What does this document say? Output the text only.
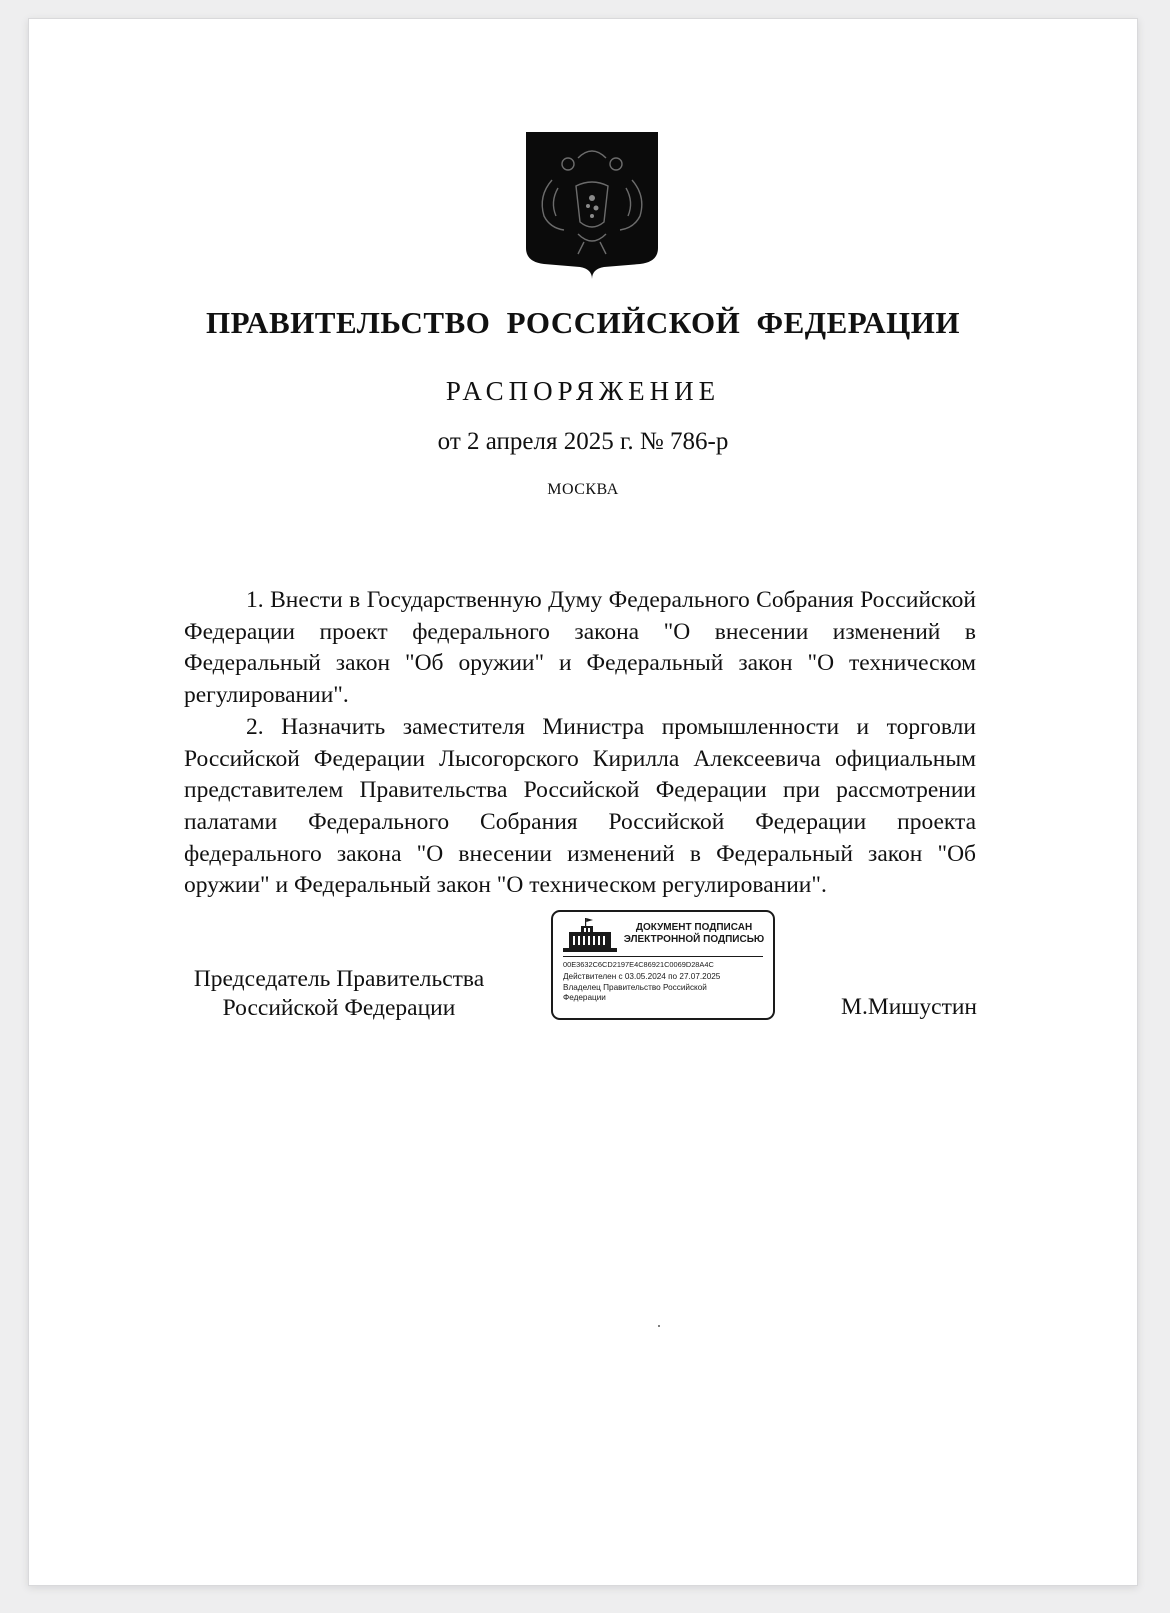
ПРАВИТЕЛЬСТВО РОССИЙСКОЙ ФЕДЕРАЦИИ
РАСПОРЯЖЕНИЕ
от 2 апреля 2025 г. № 786-р
МОСКВА

1. Внести в Государственную Думу Федерального Собрания Российской Федерации проект федерального закона "О внесении изменений в Федеральный закон "Об оружии" и Федеральный закон "О техническом регулировании".

2. Назначить заместителя Министра промышленности и торговли Российской Федерации Лысогорского Кирилла Алексеевича официальным представителем Правительства Российской Федерации при рассмотрении палатами Федерального Собрания Российской Федерации проекта федерального закона "О внесении изменений в Федеральный закон "Об оружии" и Федеральный закон "О техническом регулировании".

Председатель Правительства
Российской Федерации
ДОКУМЕНТ ПОДПИСАН
ЭЛЕКТРОННОЙ ПОДПИСЬЮ
00E3632C6CD2197E4C86921C0069D28A4C
Действителен с 03.05.2024 по 27.07.2025
Владелец Правительство Российской Федерации	М.Мишустин
